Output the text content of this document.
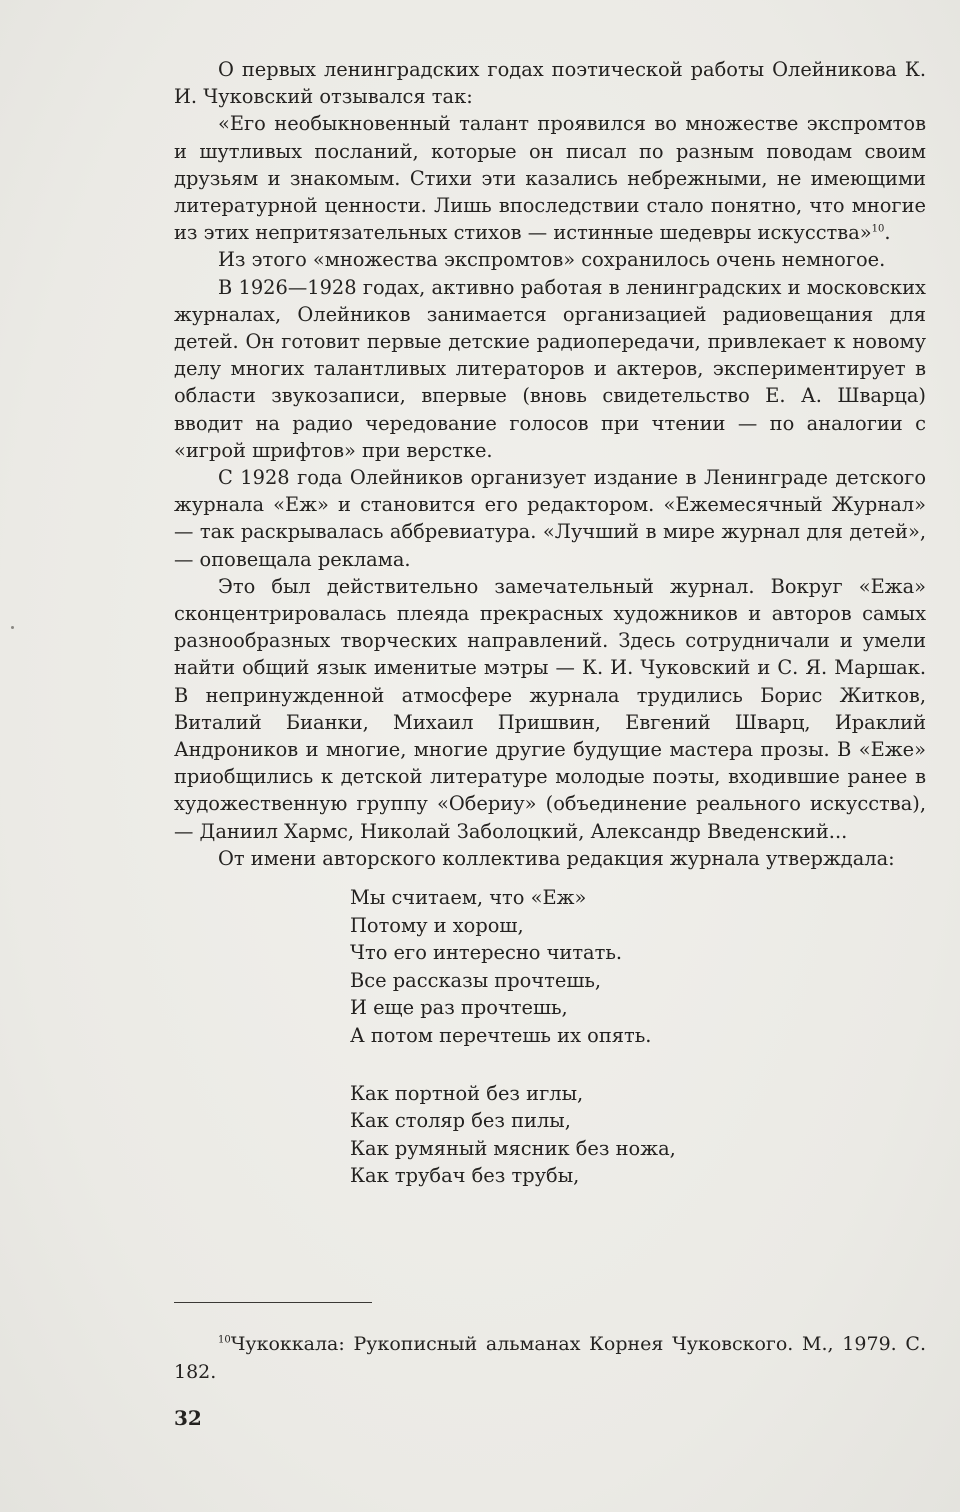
О первых ленинградских годах поэтической работы Олейникова К. И. Чуковский отзывался так:

«Его необыкновенный талант проявился во множестве экспромтов и шутливых посланий, которые он писал по разным поводам своим друзьям и знакомым. Стихи эти казались небрежными, не имеющими литературной ценности. Лишь впоследствии стало понятно, что многие из этих непритязательных стихов — истинные шедевры искусства»$^{10}$.

Из этого «множества экспромтов» сохранилось очень немногое.

В 1926—1928 годах, активно работая в ленинградских и московских журналах, Олейников занимается организацией радиовещания для детей. Он готовит первые детские радиопередачи, привлекает к новому делу многих талантливых литераторов и актеров, экспериментирует в области звукозаписи, впервые (вновь свидетельство Е. А. Шварца) вводит на радио чередование голосов при чтении — по аналогии с «игрой шрифтов» при верстке.

С 1928 года Олейников организует издание в Ленинграде детского журнала «Еж» и становится его редактором. «Ежемесячный Журнал» — так раскрывалась аббревиатура. «Лучший в мире журнал для детей», — оповещала реклама.

Это был действительно замечательный журнал. Вокруг «Ежа» сконцентрировалась плеяда прекрасных художников и авторов самых разнообразных творческих направлений. Здесь сотрудничали и умели найти общий язык именитые мэтры — К. И. Чуковский и С. Я. Маршак. В непринужденной атмосфере журнала трудились Борис Житков, Виталий Бианки, Михаил Пришвин, Евгений Шварц, Ираклий Андроников и многие, многие другие будущие мастера прозы. В «Еже» приобщились к детской литературе молодые поэты, входившие ранее в художественную группу «Обериу» (объединение реального искусства), — Даниил Хармс, Николай Заболоцкий, Александр Введенский...

От имени авторского коллектива редакция журнала утверждала:

Мы считаем, что «Еж»
Потому и хорош,
Что его интересно читать.
Все рассказы прочтешь,
И еще раз прочтешь,
А потом перечтешь их опять.
Как портной без иглы,
Как столяр без пилы,
Как румяный мясник без ножа,
Как трубач без трубы,

$^{10}$Чукоккала: Рукописный альманах Корнея Чуковского. М., 1979. С. 182.

32
